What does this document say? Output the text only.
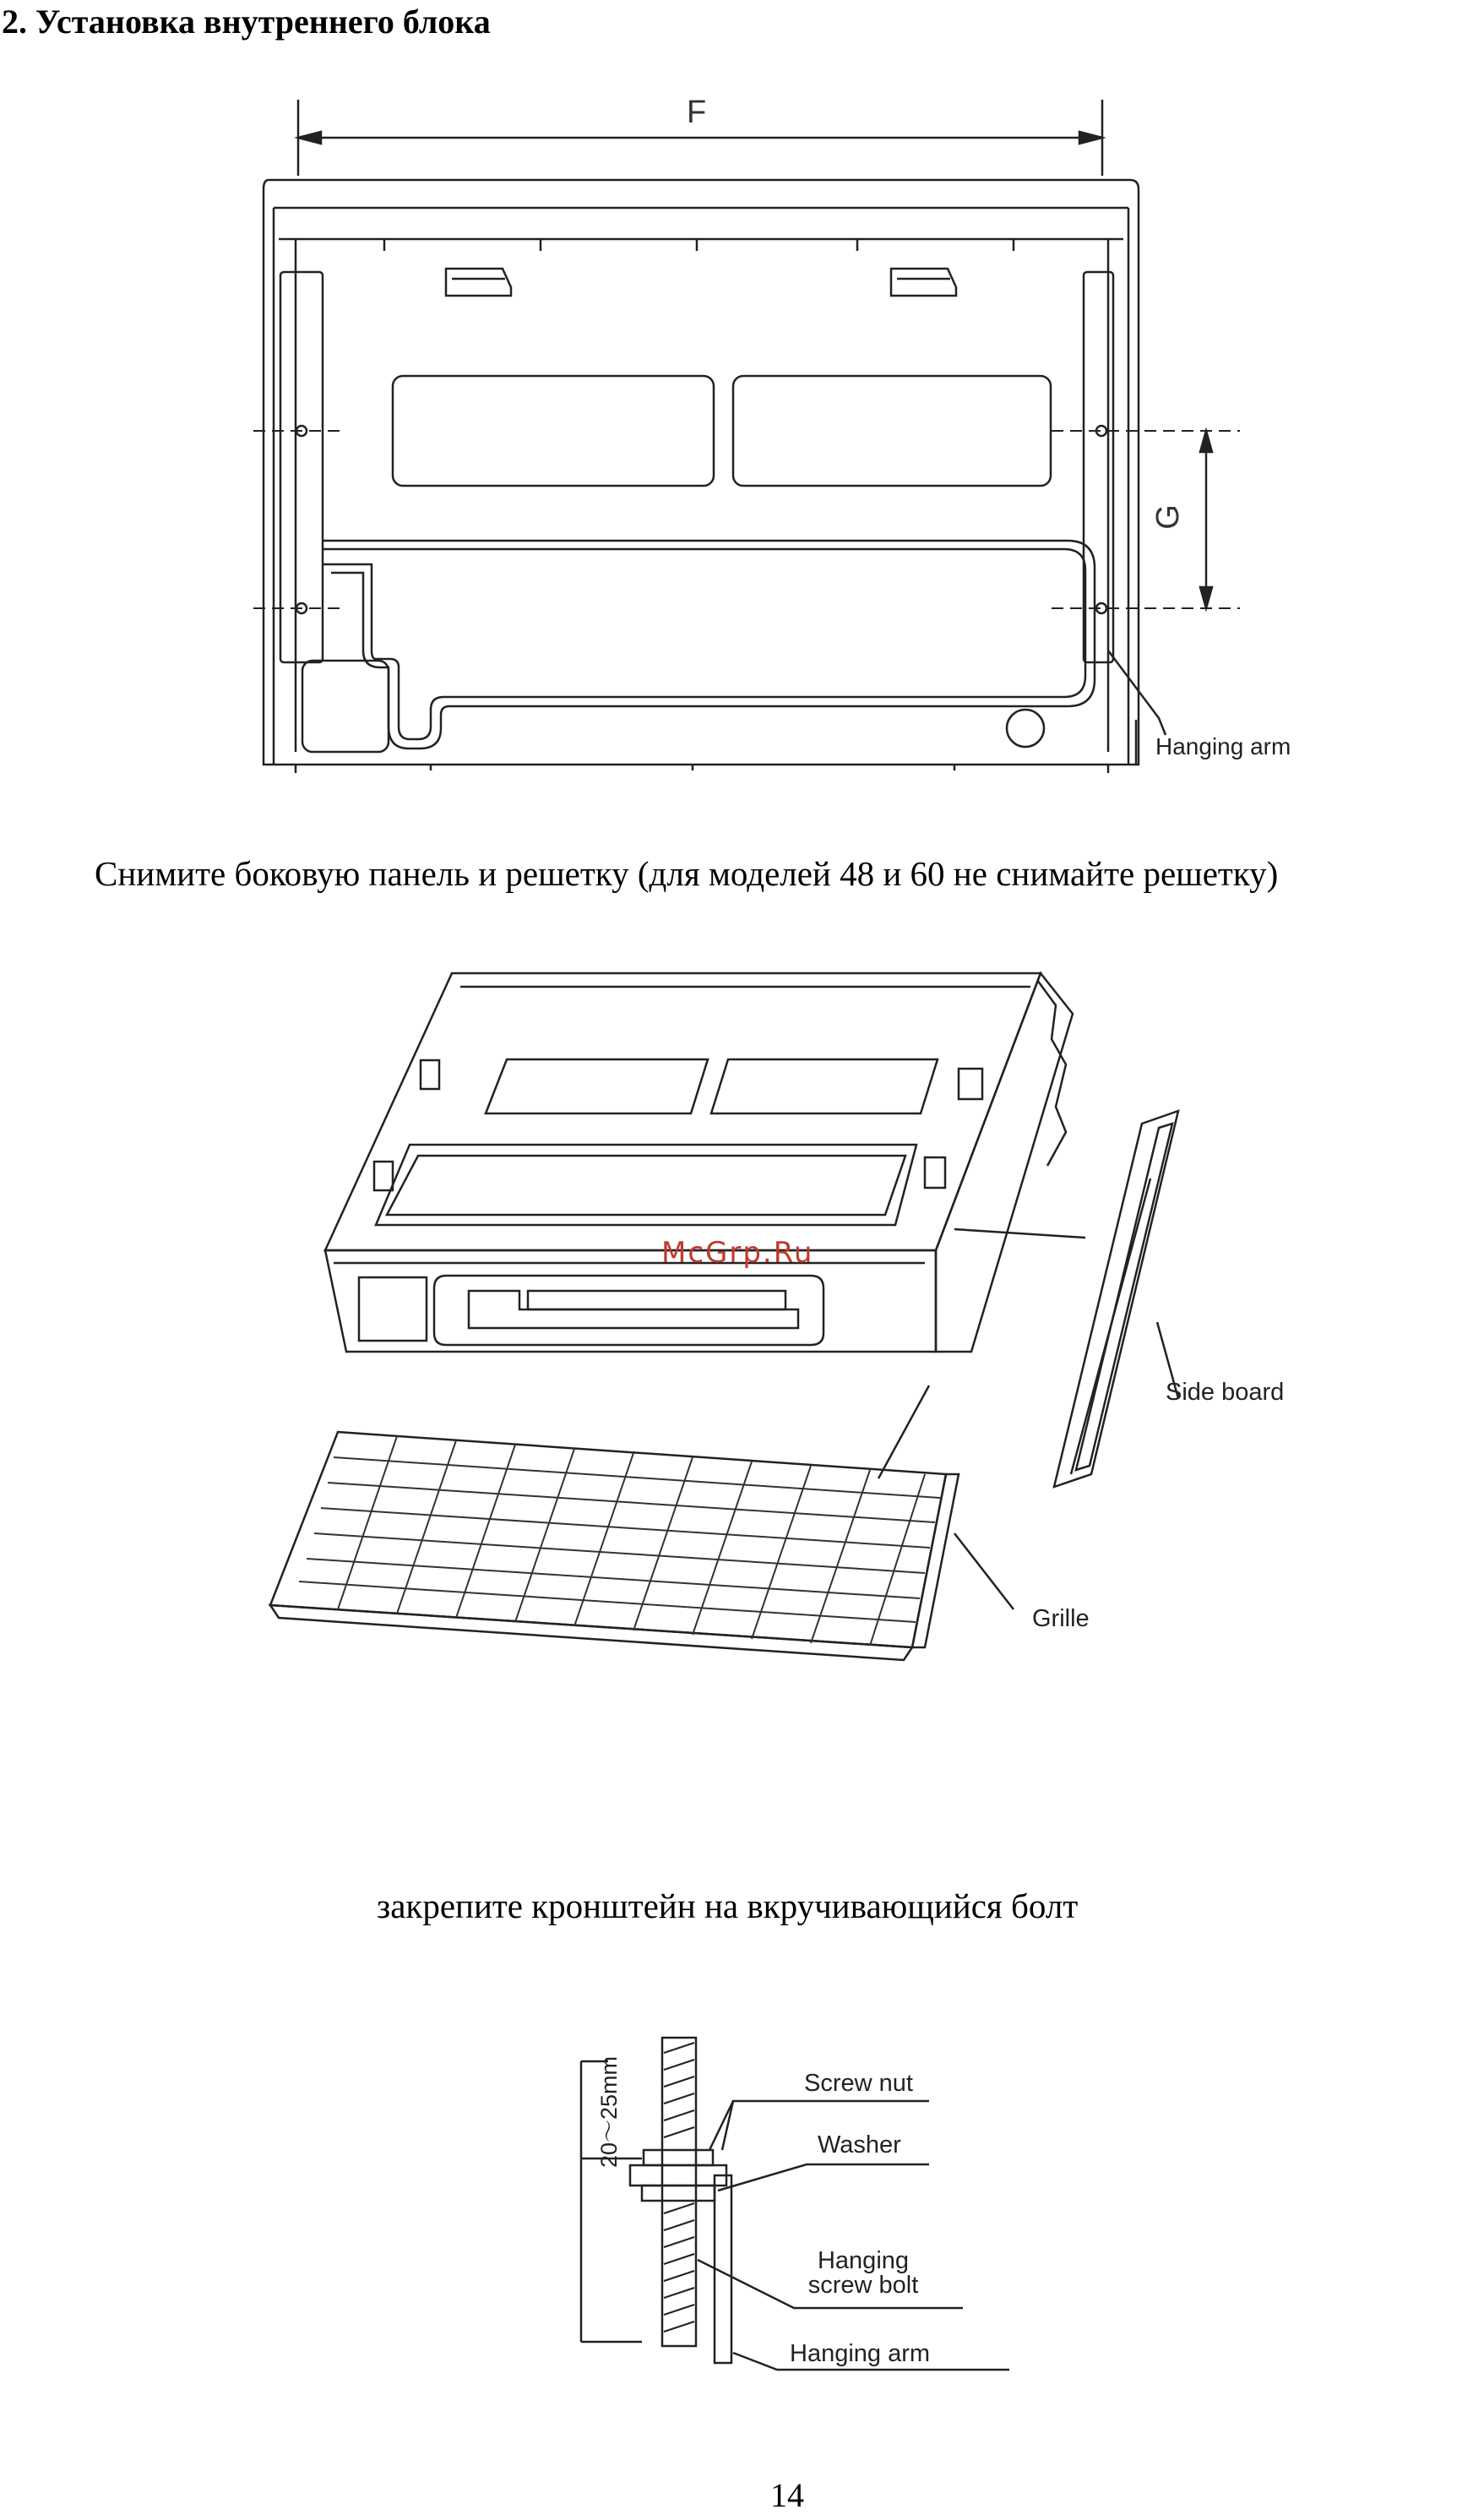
2. Установка внутреннего блока
F
G
Hanging arm
Снимите боковую панель и решетку (для моделей 48 и 60 не снимайте решетку)
Side board
Grille
McGrp.Ru
закрепите кронштейн на вкручивающийся болт
20～25mm	Screw nut
Washer
Hanging
screw bolt
Hanging arm
14
